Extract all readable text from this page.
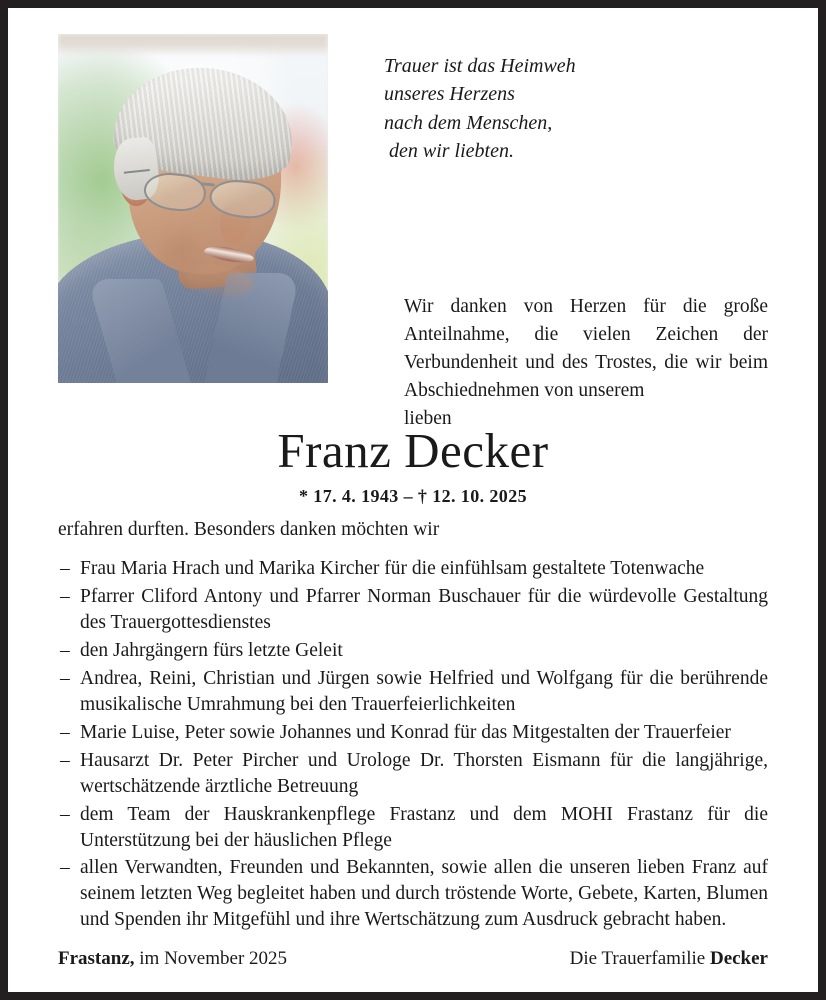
Trauer ist das Heimweh
unseres Herzens
nach dem Menschen,
den wir liebten.
Wir danken von Herzen für die große Anteilnahme, die vielen Zeichen der Verbundenheit und des Trostes, die wir beim Abschiednehmen von unserem
lieben
Franz Decker
* 17. 4. 1943 – † 12. 10. 2025
erfahren durften. Besonders danken möchten wir
– Frau Maria Hrach und Marika Kircher für die einfühlsam gestaltete Totenwache
– Pfarrer Cliford Antony und Pfarrer Norman Buschauer für die würdevolle Gestaltung des Trauergottesdienstes
– den Jahrgängern fürs letzte Geleit
– Andrea, Reini, Christian und Jürgen sowie Helfried und Wolfgang für die berührende musikalische Umrahmung bei den Trauerfeierlichkeiten
– Marie Luise, Peter sowie Johannes und Konrad für das Mitgestalten der Trauerfeier
– Hausarzt Dr. Peter Pircher und Urologe Dr. Thorsten Eismann für die langjährige, wertschätzende ärztliche Betreuung
– dem Team der Hauskrankenpflege Frastanz und dem MOHI Frastanz für die Unterstützung bei der häuslichen Pflege
– allen Verwandten, Freunden und Bekannten, sowie allen die unseren lieben Franz auf seinem letzten Weg begleitet haben und durch tröstende Worte, Gebete, Karten, Blumen und Spenden ihr Mitgefühl und ihre Wertschätzung zum Ausdruck gebracht haben.
Frastanz, im November 2025	Die Trauerfamilie Decker
